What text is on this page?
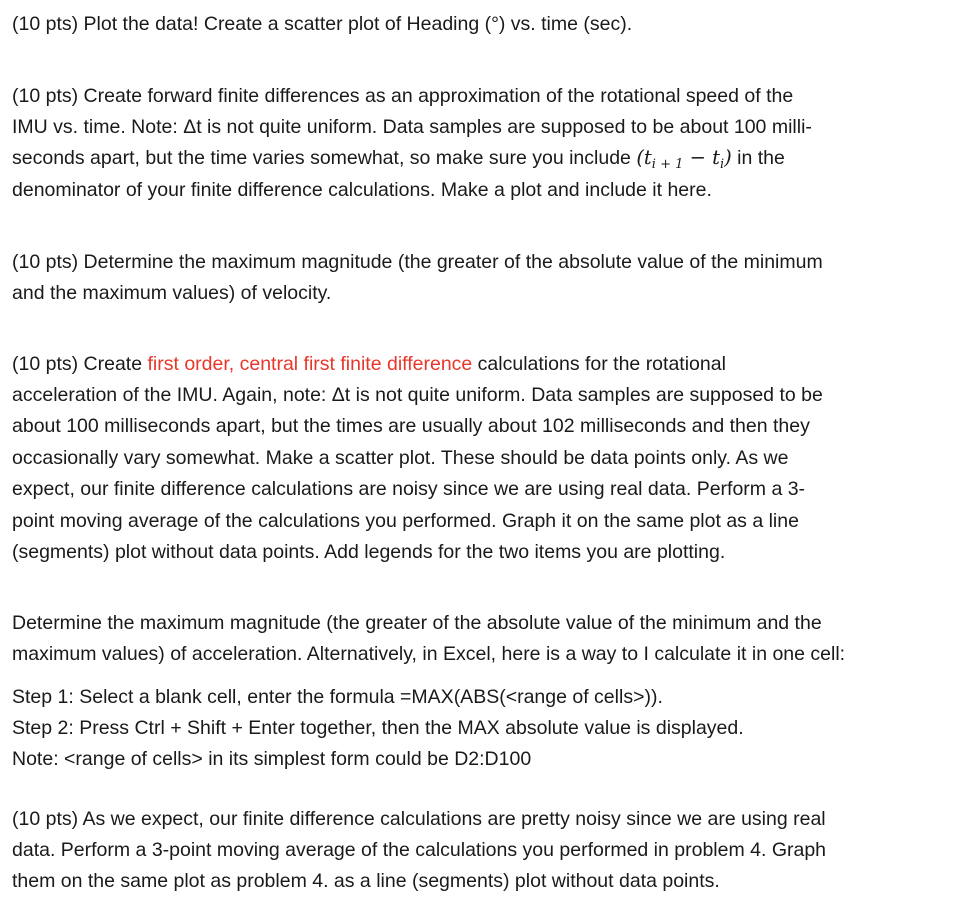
(10 pts) Plot the data! Create a scatter plot of Heading (°) vs. time (sec).
(10 pts) Create forward finite differences as an approximation of the rotational speed of the
IMU vs. time. Note: Δt is not quite uniform. Data samples are supposed to be about 100 milli-
seconds apart, but the time varies somewhat, so make sure you include $(t_{i + 1} - t_i)$ in the
denominator of your finite difference calculations. Make a plot and include it here.
(10 pts) Determine the maximum magnitude (the greater of the absolute value of the minimum
and the maximum values) of velocity.
(10 pts) Create first order, central first finite difference calculations for the rotational
acceleration of the IMU. Again, note: Δt is not quite uniform. Data samples are supposed to be
about 100 milliseconds apart, but the times are usually about 102 milliseconds and then they
occasionally vary somewhat. Make a scatter plot. These should be data points only. As we
expect, our finite difference calculations are noisy since we are using real data. Perform a 3-
point moving average of the calculations you performed. Graph it on the same plot as a line
(segments) plot without data points. Add legends for the two items you are plotting.
Determine the maximum magnitude (the greater of the absolute value of the minimum and the
maximum values) of acceleration. Alternatively, in Excel, here is a way to I calculate it in one cell:
Step 1: Select a blank cell, enter the formula =MAX(ABS(<range of cells>)).
Step 2: Press Ctrl + Shift + Enter together, then the MAX absolute value is displayed.
Note: <range of cells> in its simplest form could be D2:D100
(10 pts) As we expect, our finite difference calculations are pretty noisy since we are using real
data. Perform a 3-point moving average of the calculations you performed in problem 4. Graph
them on the same plot as problem 4. as a line (segments) plot without data points.
